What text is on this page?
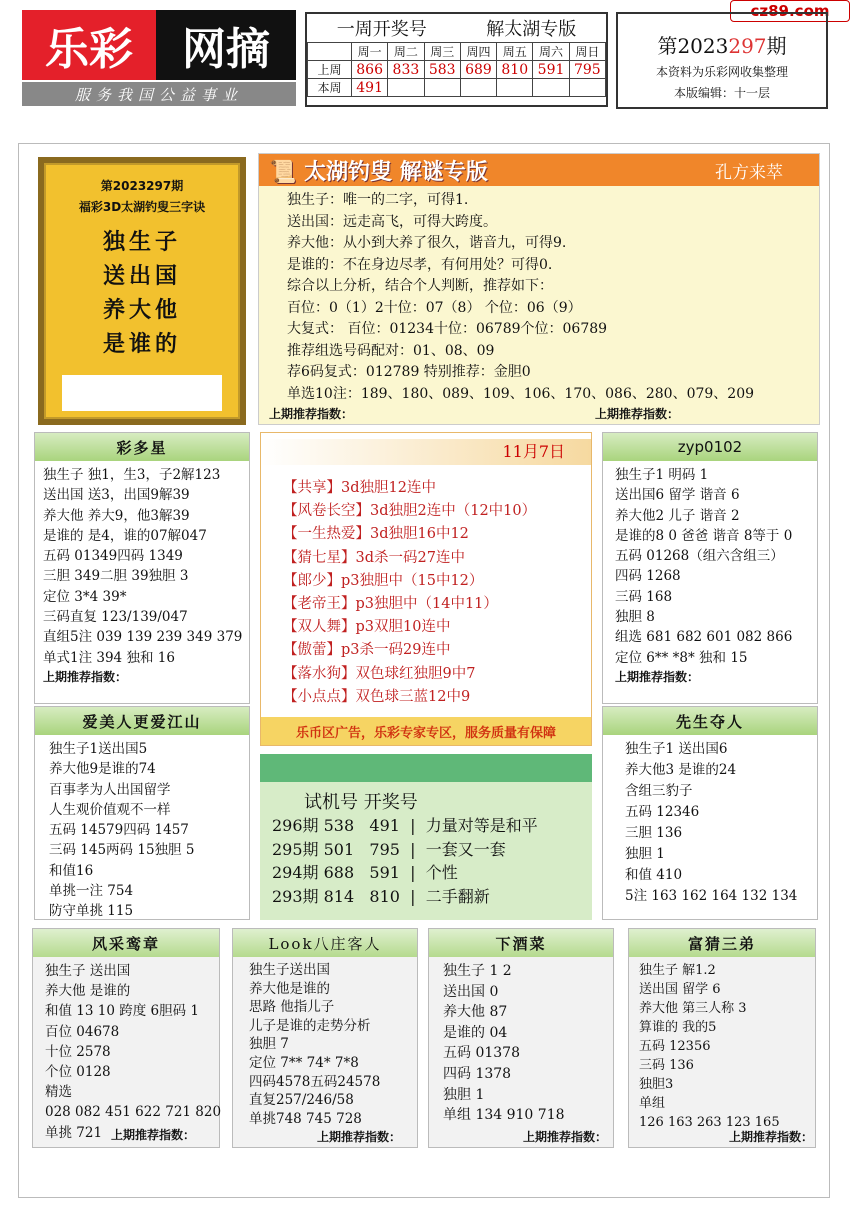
乐彩	网摘
服务我国公益事业
cz89.com
一周开奖号	解太湖专版
	周一	周二	周三	周四	周五	周六	周日
上周	866	833	583	689	810	591	795
本周	491						
第2023297期
本资料为乐彩网收集整理
本版编辑：十一层
第2023297期
福彩3D太湖钓叟三字诀
独生子
送出国
养大他
是谁的
📜 太湖钓叟 解谜专版	孔方来萃
独生子：唯一的二字，可得1.
送出国：远走高飞，可得大跨度。
养大他：从小到大养了很久，谐音九，可得9.
是谁的：不在身边尽孝，有何用处？可得0.
综合以上分析，结合个人判断，推荐如下：
百位：0（1）2十位：07（8） 个位：06（9）
大复式： 百位：01234十位：06789个位：06789
推荐组选号码配对：01、08、09
荐6码复式：012789 特别推荐：金胆0
单选10注：189、180、089、109、106、170、086、280、079、209
上期推荐指数：	上期推荐指数：
彩多星
独生子 独1，生3，子2解123
送出国 送3，出国9解39
养大他 养大9，他3解39
是谁的 是4，谁的07解047
五码 01349四码 1349
三胆 349二胆 39独胆 3
定位 3*4 39*
三码直复 123/139/047
直组5注 039 139 239 349 379
单式1注 394 独和 16
上期推荐指数：
爱美人更爱江山
独生子1送出国5
养大他9是谁的74
百事孝为人出国留学
人生观价值观不一样
五码 14579四码 1457
三码 145两码 15独胆 5
和值16
单挑一注 754
防守单挑 115
11月7日
【共享】3d独胆12连中
【风卷长空】3d独胆2连中（12中10）
【一生热爱】3d独胆16中12
【猜七星】3d杀一码27连中
【郎少】p3独胆中（15中12）
【老帝王】p3独胆中（14中11）
【双人舞】p3双胆10连中
【傲蕾】p3杀一码29连中
【落水狗】双色球红独胆9中7
【小点点】双色球三蓝12中9
乐币区广告，乐彩专家专区，服务质量有保障
试机号 开奖号
296期 538   491  |  力量对等是和平
295期 501   795  |  一套又一套
294期 688   591  |  个性
293期 814   810  |  二手翻新
zyp0102
独生子1 明码 1
送出国6 留学 谐音 6
养大他2 儿子 谐音 2
是谁的8 0 爸爸 谐音 8等于 0
五码 01268（组六含组三）
四码 1268
三码 168
独胆 8
组选 681 682 601 082 866
定位 6** *8* 独和 15
上期推荐指数：
先生夺人
独生子1 送出国6
养大他3 是谁的24
含组三豹子
五码 12346
三胆 136
独胆 1
和值 410
5注 163 162 164 132 134
风采鸾章
独生子 送出国
养大他 是谁的
和值 13 10 跨度 6胆码 1
百位 04678
十位 2578
个位 0128
精选
028 082 451 622 721 820
单挑 721 上期推荐指数：
Look八庄客人
独生子送出国
养大他是谁的
思路 他指儿子
儿子是谁的走势分析
独胆 7
定位 7** 74* 7*8
四码4578五码24578
直复257/246/58
单挑748 745 728
上期推荐指数：
下酒菜
独生子 1 2
送出国 0
养大他 87
是谁的 04
五码 01378
四码 1378
独胆 1
单组 134 910 718
上期推荐指数：
富猜三弟
独生子 解1.2
送出国 留学 6
养大他 第三人称 3
算谁的 我的5
五码 12356
三码 136
独胆3
单组
126 163 263 123 165
上期推荐指数：
